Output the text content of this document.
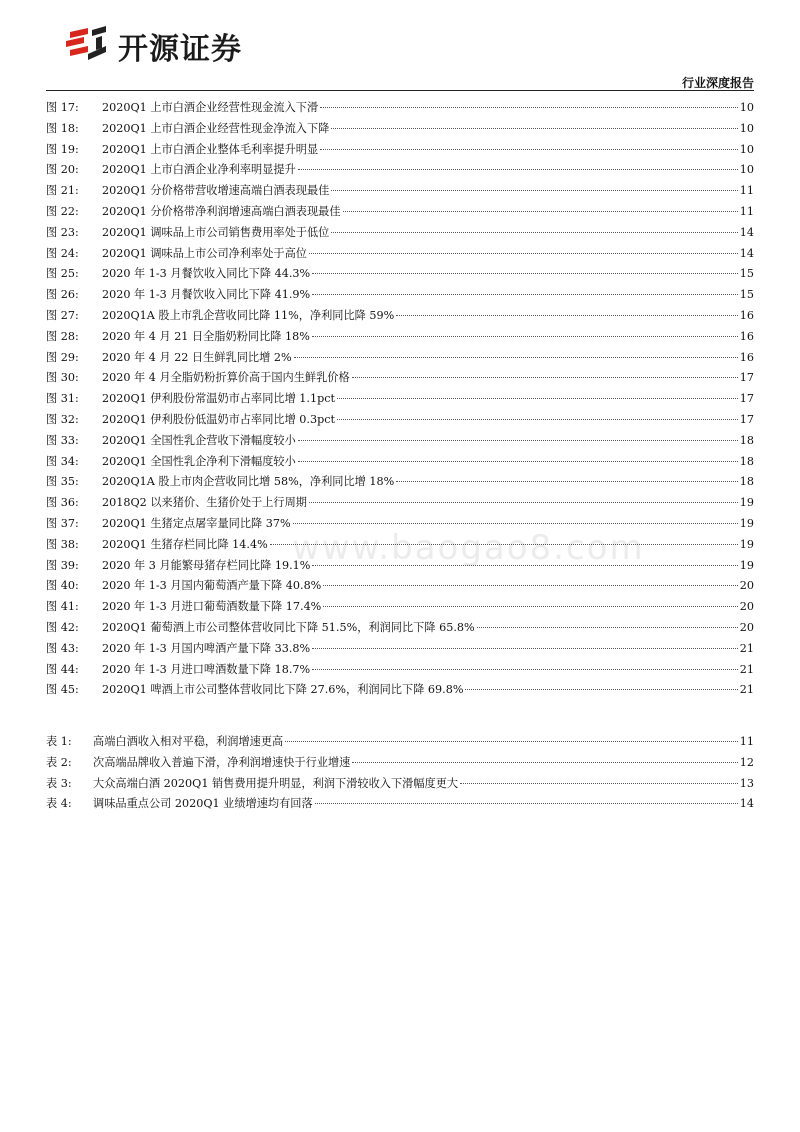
开源证券
行业深度报告
www.baogao8.com
图 17:	2020Q1 上市白酒企业经营性现金流入下滑	10
图 18:	2020Q1 上市白酒企业经营性现金净流入下降	10
图 19:	2020Q1 上市白酒企业整体毛利率提升明显	10
图 20:	2020Q1 上市白酒企业净利率明显提升	10
图 21:	2020Q1 分价格带营收增速高端白酒表现最佳	11
图 22:	2020Q1 分价格带净利润增速高端白酒表现最佳	11
图 23:	2020Q1 调味品上市公司销售费用率处于低位	14
图 24:	2020Q1 调味品上市公司净利率处于高位	14
图 25:	2020 年 1-3 月餐饮收入同比下降 44.3%	15
图 26:	2020 年 1-3 月餐饮收入同比下降 41.9%	15
图 27:	2020Q1A 股上市乳企营收同比降 11%，净利同比降 59%	16
图 28:	2020 年 4 月 21 日全脂奶粉同比降 18%	16
图 29:	2020 年 4 月 22 日生鲜乳同比增 2%	16
图 30:	2020 年 4 月全脂奶粉折算价高于国内生鲜乳价格	17
图 31:	2020Q1 伊利股份常温奶市占率同比增 1.1pct	17
图 32:	2020Q1 伊利股份低温奶市占率同比增 0.3pct	17
图 33:	2020Q1 全国性乳企营收下滑幅度较小	18
图 34:	2020Q1 全国性乳企净利下滑幅度较小	18
图 35:	2020Q1A 股上市肉企营收同比增 58%，净利同比增 18%	18
图 36:	2018Q2 以来猪价、生猪价处于上行周期	19
图 37:	2020Q1 生猪定点屠宰量同比降 37%	19
图 38:	2020Q1 生猪存栏同比降 14.4%	19
图 39:	2020 年 3 月能繁母猪存栏同比降 19.1%	19
图 40:	2020 年 1-3 月国内葡萄酒产量下降 40.8%	20
图 41:	2020 年 1-3 月进口葡萄酒数量下降 17.4%	20
图 42:	2020Q1 葡萄酒上市公司整体营收同比下降 51.5%，利润同比下降 65.8%	20
图 43:	2020 年 1-3 月国内啤酒产量下降 33.8%	21
图 44:	2020 年 1-3 月进口啤酒数量下降 18.7%	21
图 45:	2020Q1 啤酒上市公司整体营收同比下降 27.6%，利润同比下降 69.8%	21
表 1:	高端白酒收入相对平稳，利润增速更高	11
表 2:	次高端品牌收入普遍下滑，净利润增速快于行业增速	12
表 3:	大众高端白酒 2020Q1 销售费用提升明显，利润下滑较收入下滑幅度更大	13
表 4:	调味品重点公司 2020Q1 业绩增速均有回落	14
